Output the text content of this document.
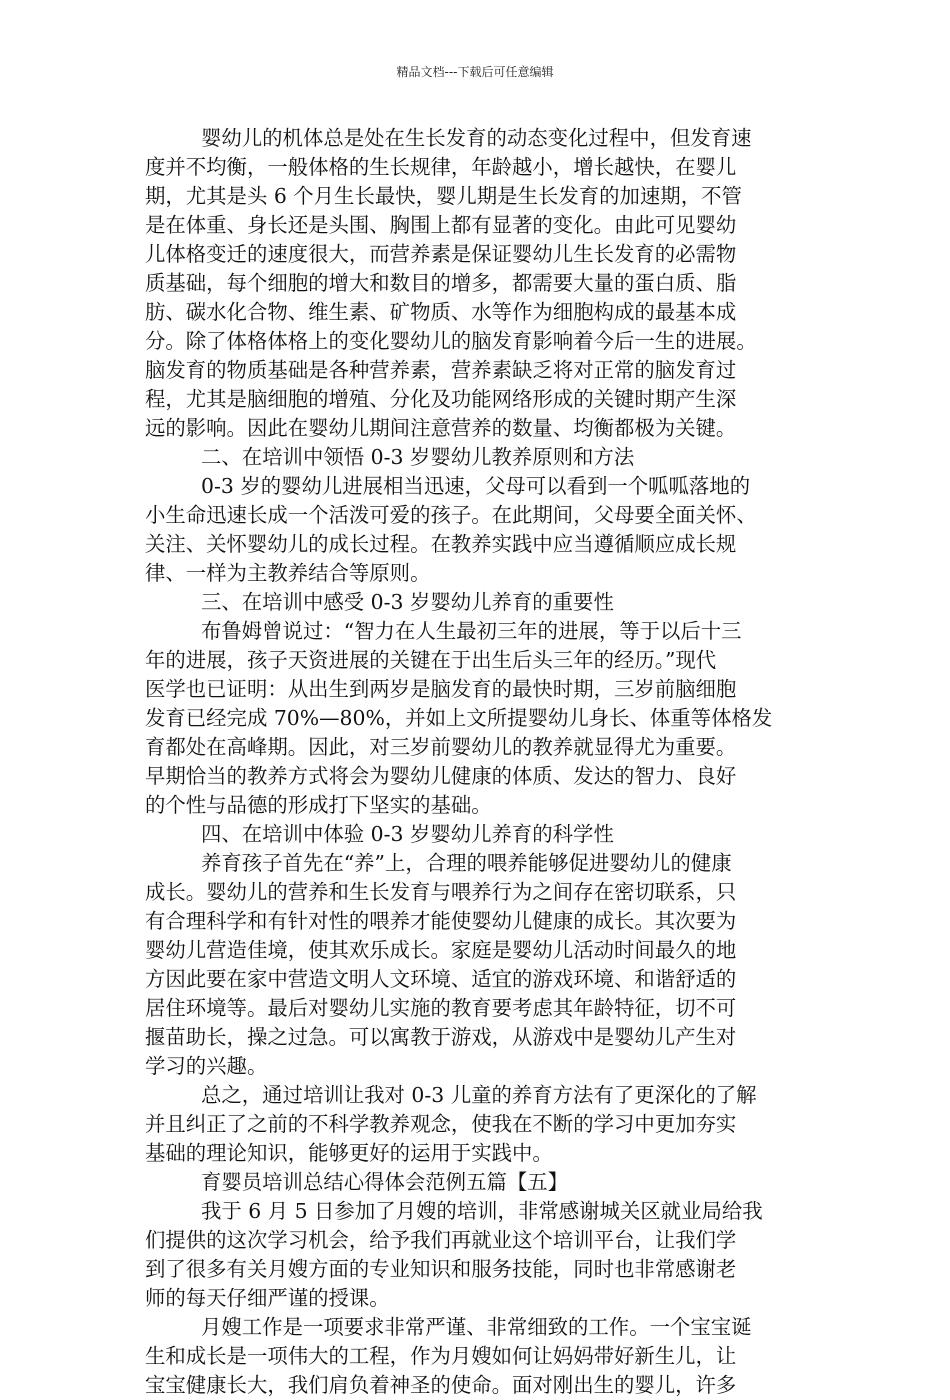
精品文档---下载后可任意编辑
婴幼儿的机体总是处在生长发育的动态变化过程中，但发育速
度并不均衡，一般体格的生长规律，年龄越小，增长越快，在婴儿
期，尤其是头 6 个月生长最快，婴儿期是生长发育的加速期，不管
是在体重、身长还是头围、胸围上都有显著的变化。由此可见婴幼
儿体格变迁的速度很大，而营养素是保证婴幼儿生长发育的必需物
质基础，每个细胞的增大和数目的增多，都需要大量的蛋白质、脂
肪、碳水化合物、维生素、矿物质、水等作为细胞构成的最基本成
分。除了体格体格上的变化婴幼儿的脑发育影响着今后一生的进展。
脑发育的物质基础是各种营养素，营养素缺乏将对正常的脑发育过
程，尤其是脑细胞的增殖、分化及功能网络形成的关键时期产生深
远的影响。因此在婴幼儿期间注意营养的数量、均衡都极为关键。
二、在培训中领悟 0-3 岁婴幼儿教养原则和方法
0-3 岁的婴幼儿进展相当迅速，父母可以看到一个呱呱落地的
小生命迅速长成一个活泼可爱的孩子。在此期间，父母要全面关怀、
关注、关怀婴幼儿的成长过程。在教养实践中应当遵循顺应成长规
律、一样为主教养结合等原则。
三、在培训中感受 0-3 岁婴幼儿养育的重要性
布鲁姆曾说过：“智力在人生最初三年的进展，等于以后十三
年的进展，孩子天资进展的关键在于出生后头三年的经历。”现代
医学也已证明：从出生到两岁是脑发育的最快时期，三岁前脑细胞
发育已经完成 70%—80%，并如上文所提婴幼儿身长、体重等体格发
育都处在高峰期。因此，对三岁前婴幼儿的教养就显得尤为重要。
早期恰当的教养方式将会为婴幼儿健康的体质、发达的智力、良好
的个性与品德的形成打下坚实的基础。
四、在培训中体验 0-3 岁婴幼儿养育的科学性
养育孩子首先在“养”上，合理的喂养能够促进婴幼儿的健康
成长。婴幼儿的营养和生长发育与喂养行为之间存在密切联系，只
有合理科学和有针对性的喂养才能使婴幼儿健康的成长。其次要为
婴幼儿营造佳境，使其欢乐成长。家庭是婴幼儿活动时间最久的地
方因此要在家中营造文明人文环境、适宜的游戏环境、和谐舒适的
居住环境等。最后对婴幼儿实施的教育要考虑其年龄特征，切不可
揠苗助长，操之过急。可以寓教于游戏，从游戏中是婴幼儿产生对
学习的兴趣。
总之，通过培训让我对 0-3 儿童的养育方法有了更深化的了解
并且纠正了之前的不科学教养观念，使我在不断的学习中更加夯实
基础的理论知识，能够更好的运用于实践中。
育婴员培训总结心得体会范例五篇【五】
我于 6 月 5 日参加了月嫂的培训，非常感谢城关区就业局给我
们提供的这次学习机会，给予我们再就业这个培训平台，让我们学
到了很多有关月嫂方面的专业知识和服务技能，同时也非常感谢老
师的每天仔细严谨的授课。
月嫂工作是一项要求非常严谨、非常细致的工作。一个宝宝诞
生和成长是一项伟大的工程，作为月嫂如何让妈妈带好新生儿，让
宝宝健康长大，我们肩负着神圣的使命。面对刚出生的婴儿，许多
